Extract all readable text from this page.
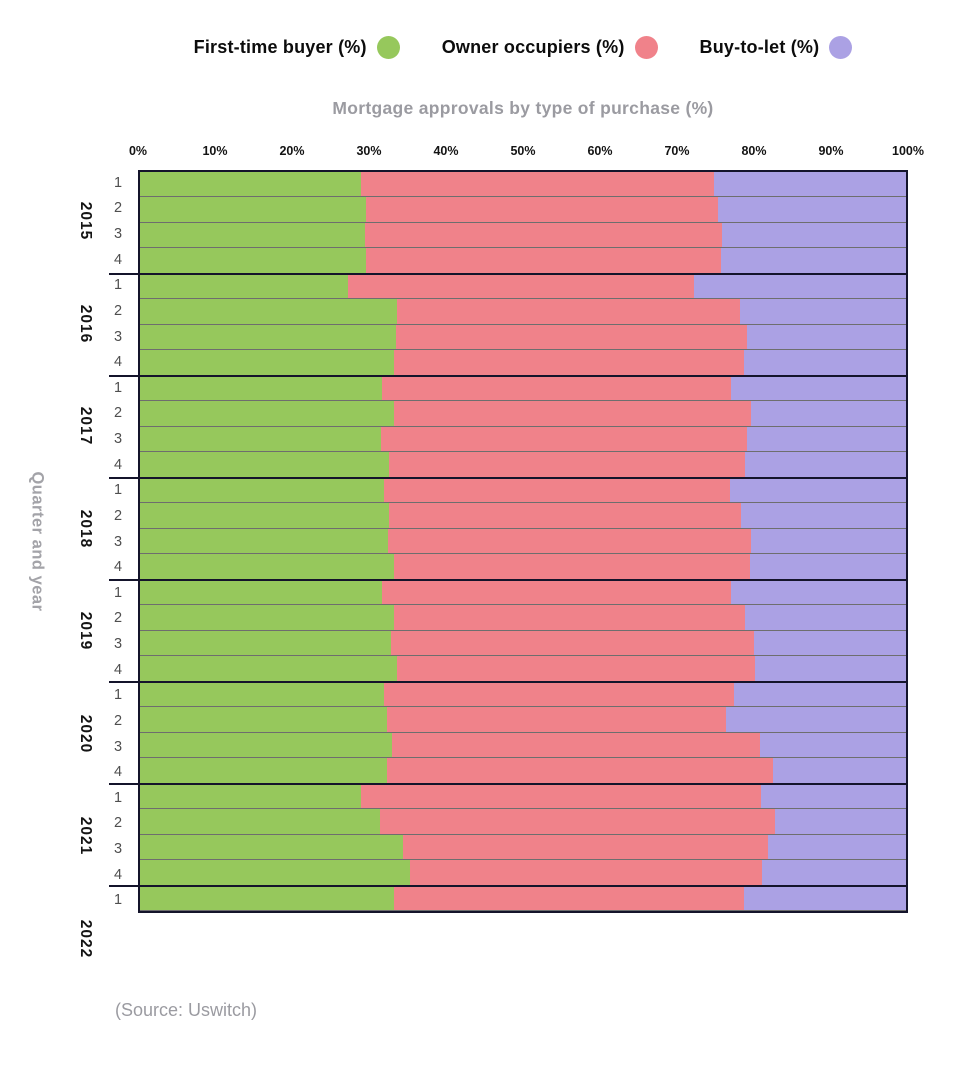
First-time buyer (%)	Owner occupiers (%)	Buy-to-let (%)
Mortgage approvals by type of purchase (%)
0%	10%	20%	30%	40%	50%	60%	70%	80%	90%	100%
1
2
3
4
1
2
3
4
1
2
3
4
1
2
3
4
1
2
3
4
1
2
3
4
1
2
3
4
1
2015
2016
2017
2018
2019
2020
2021
2022
Quarter and year
(Source: Uswitch)
